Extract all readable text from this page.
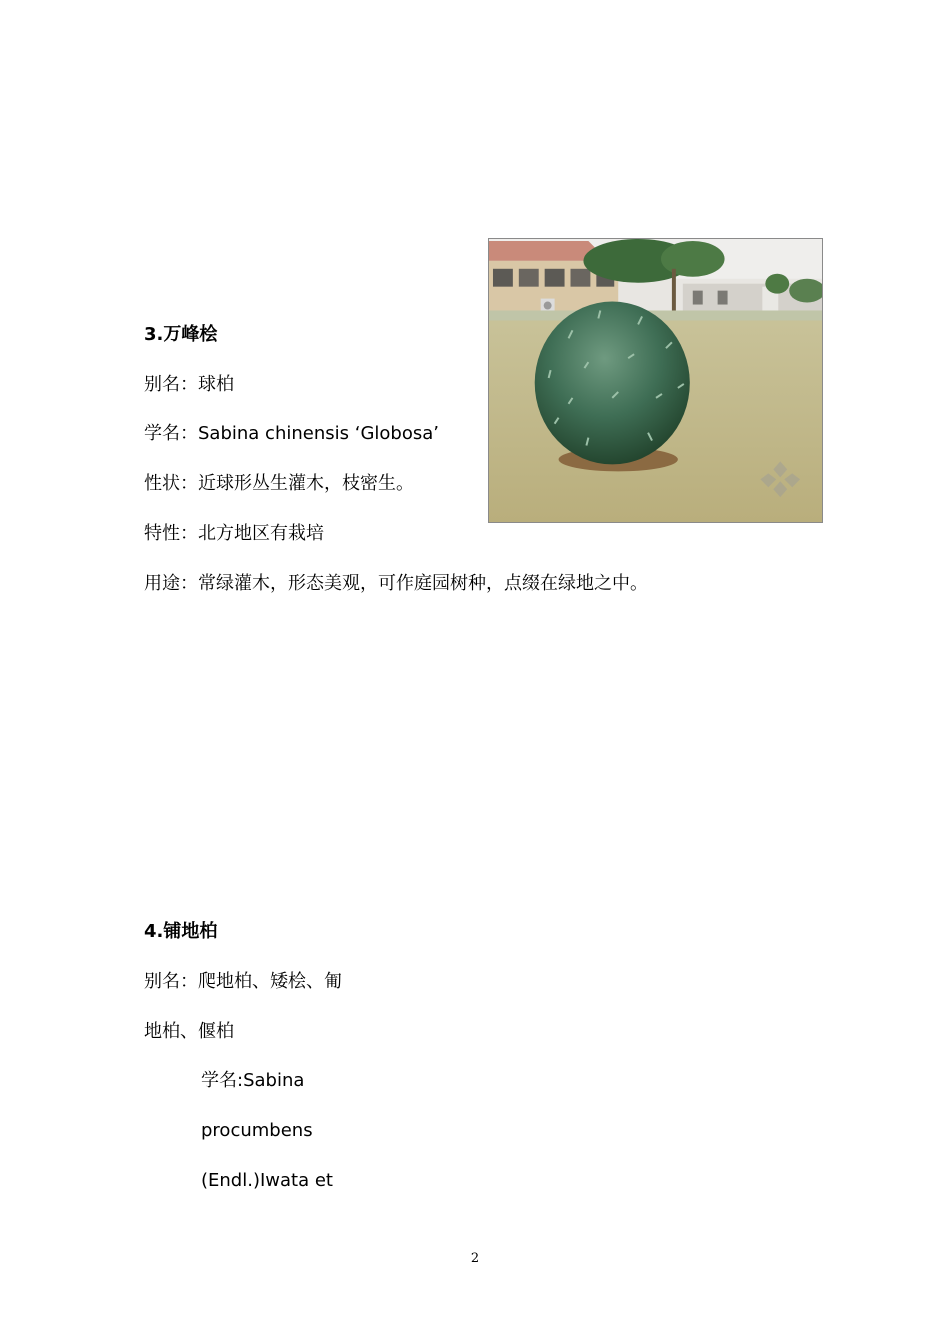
3.万峰桧
别名：球柏
学名：Sabina chinensis ‘Globosa’
性状：近球形丛生灌木，枝密生。
特性：北方地区有栽培
用途：常绿灌木，形态美观，可作庭园树种，点缀在绿地之中。
4.铺地柏
别名：爬地柏、矮桧、匍
地柏、偃柏
学名:Sabina
procumbens
(Endl.)Iwata et
2
